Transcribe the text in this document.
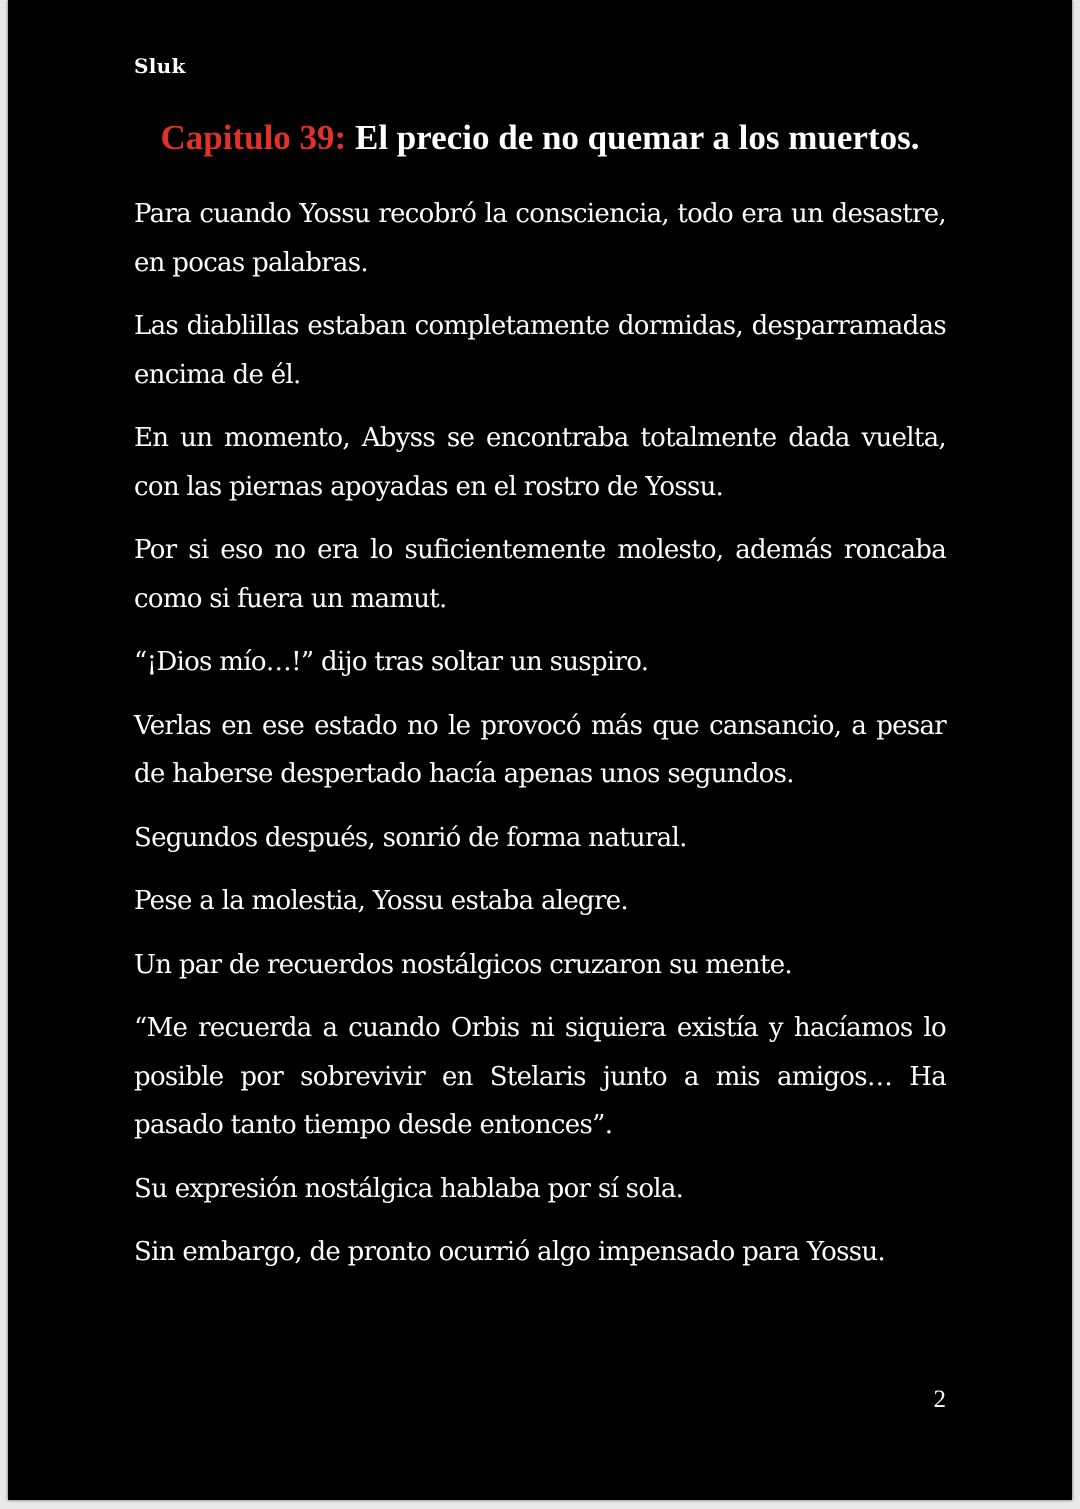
Sluk
Capitulo 39: El precio de no quemar a los muertos.

Para cuando Yossu recobró la consciencia, todo era un desastre, en pocas palabras.

Las diablillas estaban completamente dormidas, desparramadas encima de él.

En un momento, Abyss se encontraba totalmente dada vuelta, con las piernas apoyadas en el rostro de Yossu.

Por si eso no era lo suficientemente molesto, además roncaba como si fuera un mamut.

“¡Dios mío…!” dijo tras soltar un suspiro.

Verlas en ese estado no le provocó más que cansancio, a pesar de haberse despertado hacía apenas unos segundos.

Segundos después, sonrió de forma natural.

Pese a la molestia, Yossu estaba alegre.

Un par de recuerdos nostálgicos cruzaron su mente.

“Me recuerda a cuando Orbis ni siquiera existía y hacíamos lo posible por sobrevivir en Stelaris junto a mis amigos… Ha pasado tanto tiempo desde entonces”.

Su expresión nostálgica hablaba por sí sola.

Sin embargo, de pronto ocurrió algo impensado para Yossu.

2
